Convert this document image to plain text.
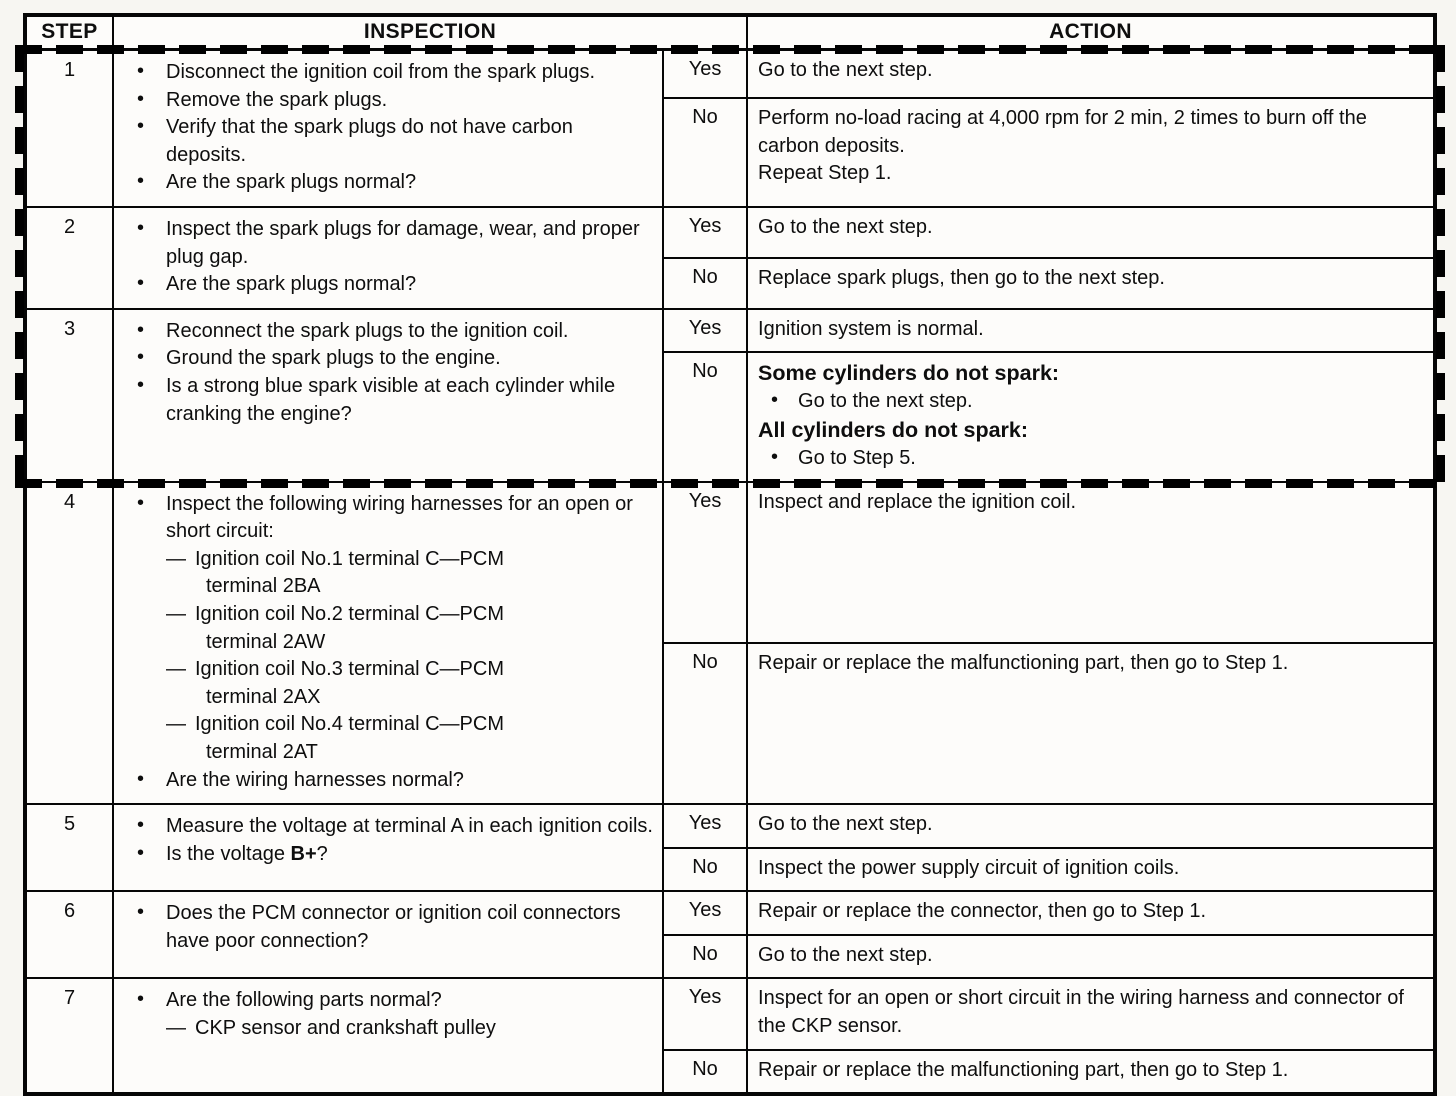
STEP	INSPECTION		ACTION
1	• Disconnect the ignition coil from the spark plugs.
• Remove the spark plugs.
• Verify that the spark plugs do not have carbon deposits.
• Are the spark plugs normal?
	Yes	Go to the next step.

		No	Perform no-load racing at 4,000 rpm for 2 min, 2 times to burn off the carbon deposits.
Repeat Step 1.

2	• Inspect the spark plugs for damage, wear, and proper plug gap.
• Are the spark plugs normal?	Yes	Go to the next step.

		No	Replace spark plugs, then go to the next step.

3	• Reconnect the spark plugs to the ignition coil.
• Ground the spark plugs to the engine.
• Is a strong blue spark visible at each cylinder while cranking the engine?
	Yes	Ignition system is normal.

No	Some cylinders do not spark:
• Go to the next step.
All cylinders do not spark:
• Go to Step 5.

4	• Inspect the following wiring harnesses for an open or short circuit:
— Ignition coil No.1 terminal C—PCM
terminal 2BA
— Ignition coil No.2 terminal C—PCM
terminal 2AW
— Ignition coil No.3 terminal C—PCM
terminal 2AX
— Ignition coil No.4 terminal C—PCM
terminal 2AT
• Are the wiring harnesses normal?
	Yes	Inspect and replace the ignition coil.

		No	Repair or replace the malfunctioning part, then go to Step 1.

5	• Measure the voltage at terminal A in each ignition coils.
• Is the voltage B+?	Yes	Go to the next step.

		No	Inspect the power supply circuit of ignition coils.

6	• Does the PCM connector or ignition coil connectors have poor connection?	Yes	Repair or replace the connector, then go to Step 1.

		No	Go to the next step.

7	• Are the following parts normal?
— CKP sensor and crankshaft pulley	Yes	Inspect for an open or short circuit in the wiring harness and connector of the CKP sensor.

		No	Repair or replace the malfunctioning part, then go to Step 1.
